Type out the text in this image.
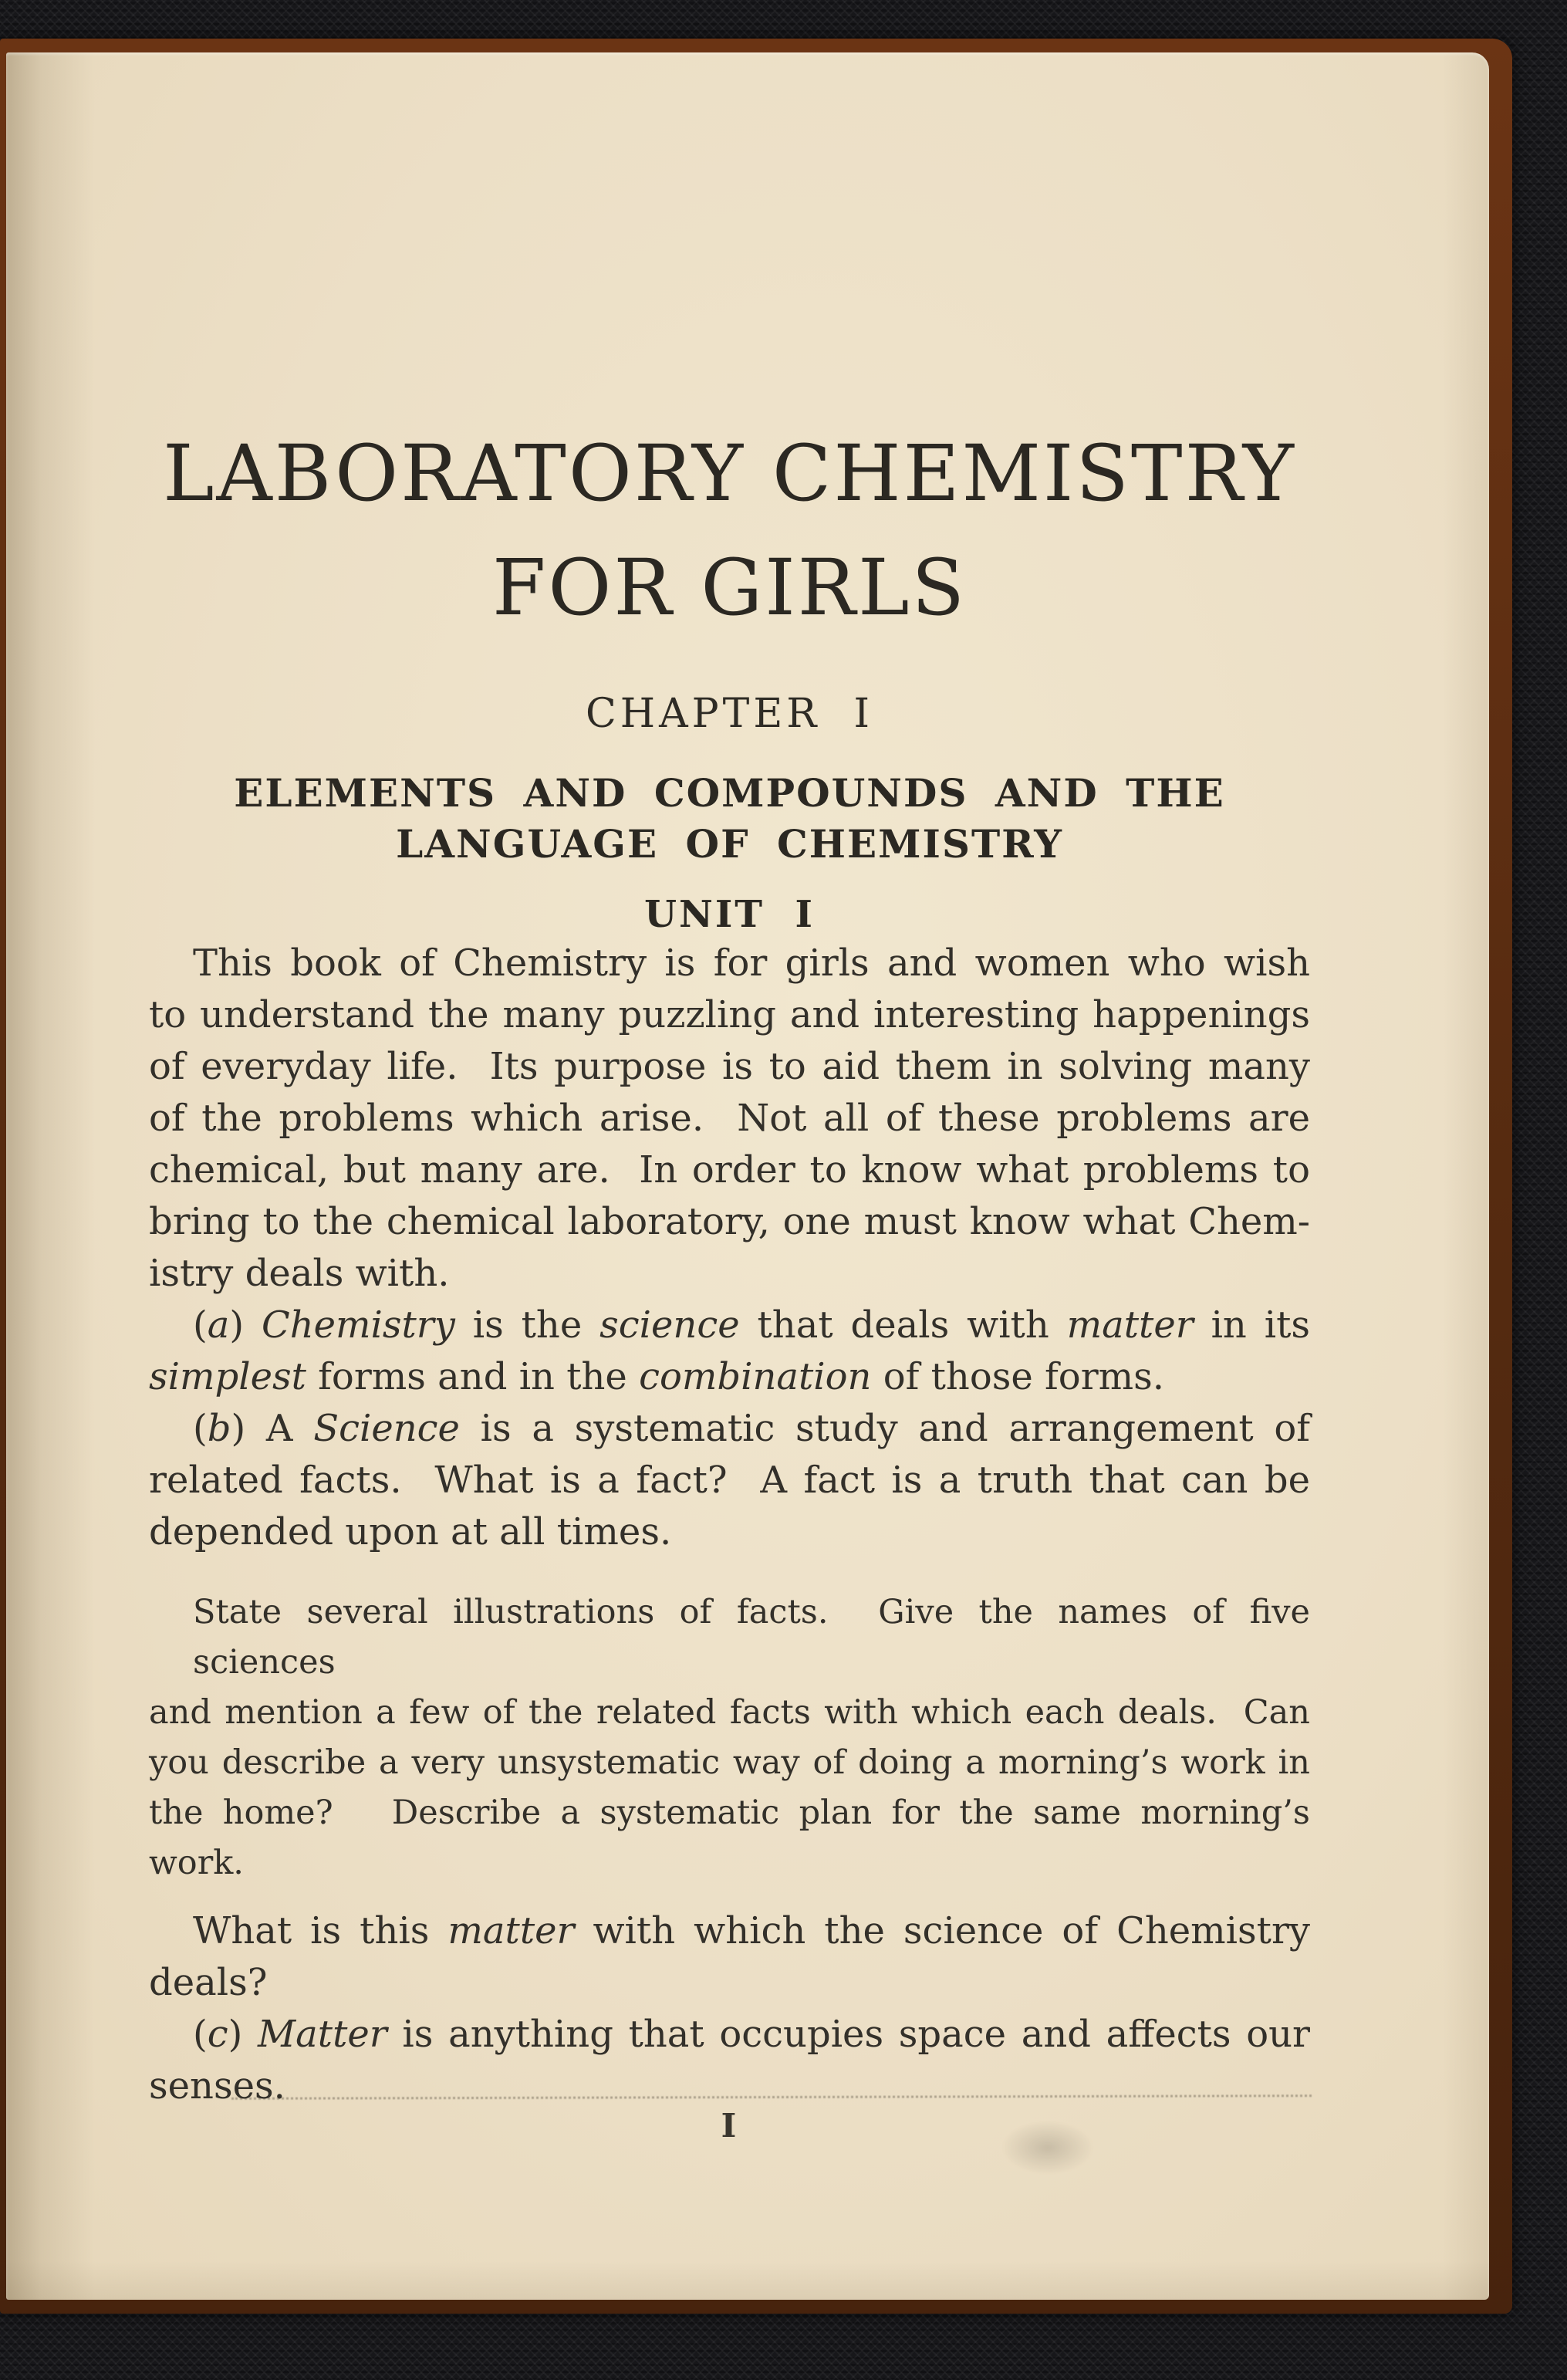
LABORATORY CHEMISTRY
FOR GIRLS
CHAPTER  I
ELEMENTS AND COMPOUNDS AND THE
LANGUAGE OF CHEMISTRY
UNIT  I
This book of Chemistry is for girls and women who wish
to understand the many puzzling and interesting happenings
of everyday life.  Its purpose is to aid them in solving many
of the problems which arise.  Not all of these problems are
chemical, but many are.  In order to know what problems to
bring to the chemical laboratory, one must know what Chem-
istry deals with.
(a) Chemistry is the science that deals with matter in its
simplest forms and in the combination of those forms.
(b) A Science is a systematic study and arrangement of
related facts.  What is a fact?  A fact is a truth that can be
depended upon at all times.
State several illustrations of facts.  Give the names of five sciences
and mention a few of the related facts with which each deals.  Can
you describe a very unsystematic way of doing a morning’s work in
the home?   Describe a systematic plan for the same morning’s
work.
What is this matter with which the science of Chemistry
deals?
(c) Matter is anything that occupies space and affects our
senses.
I
